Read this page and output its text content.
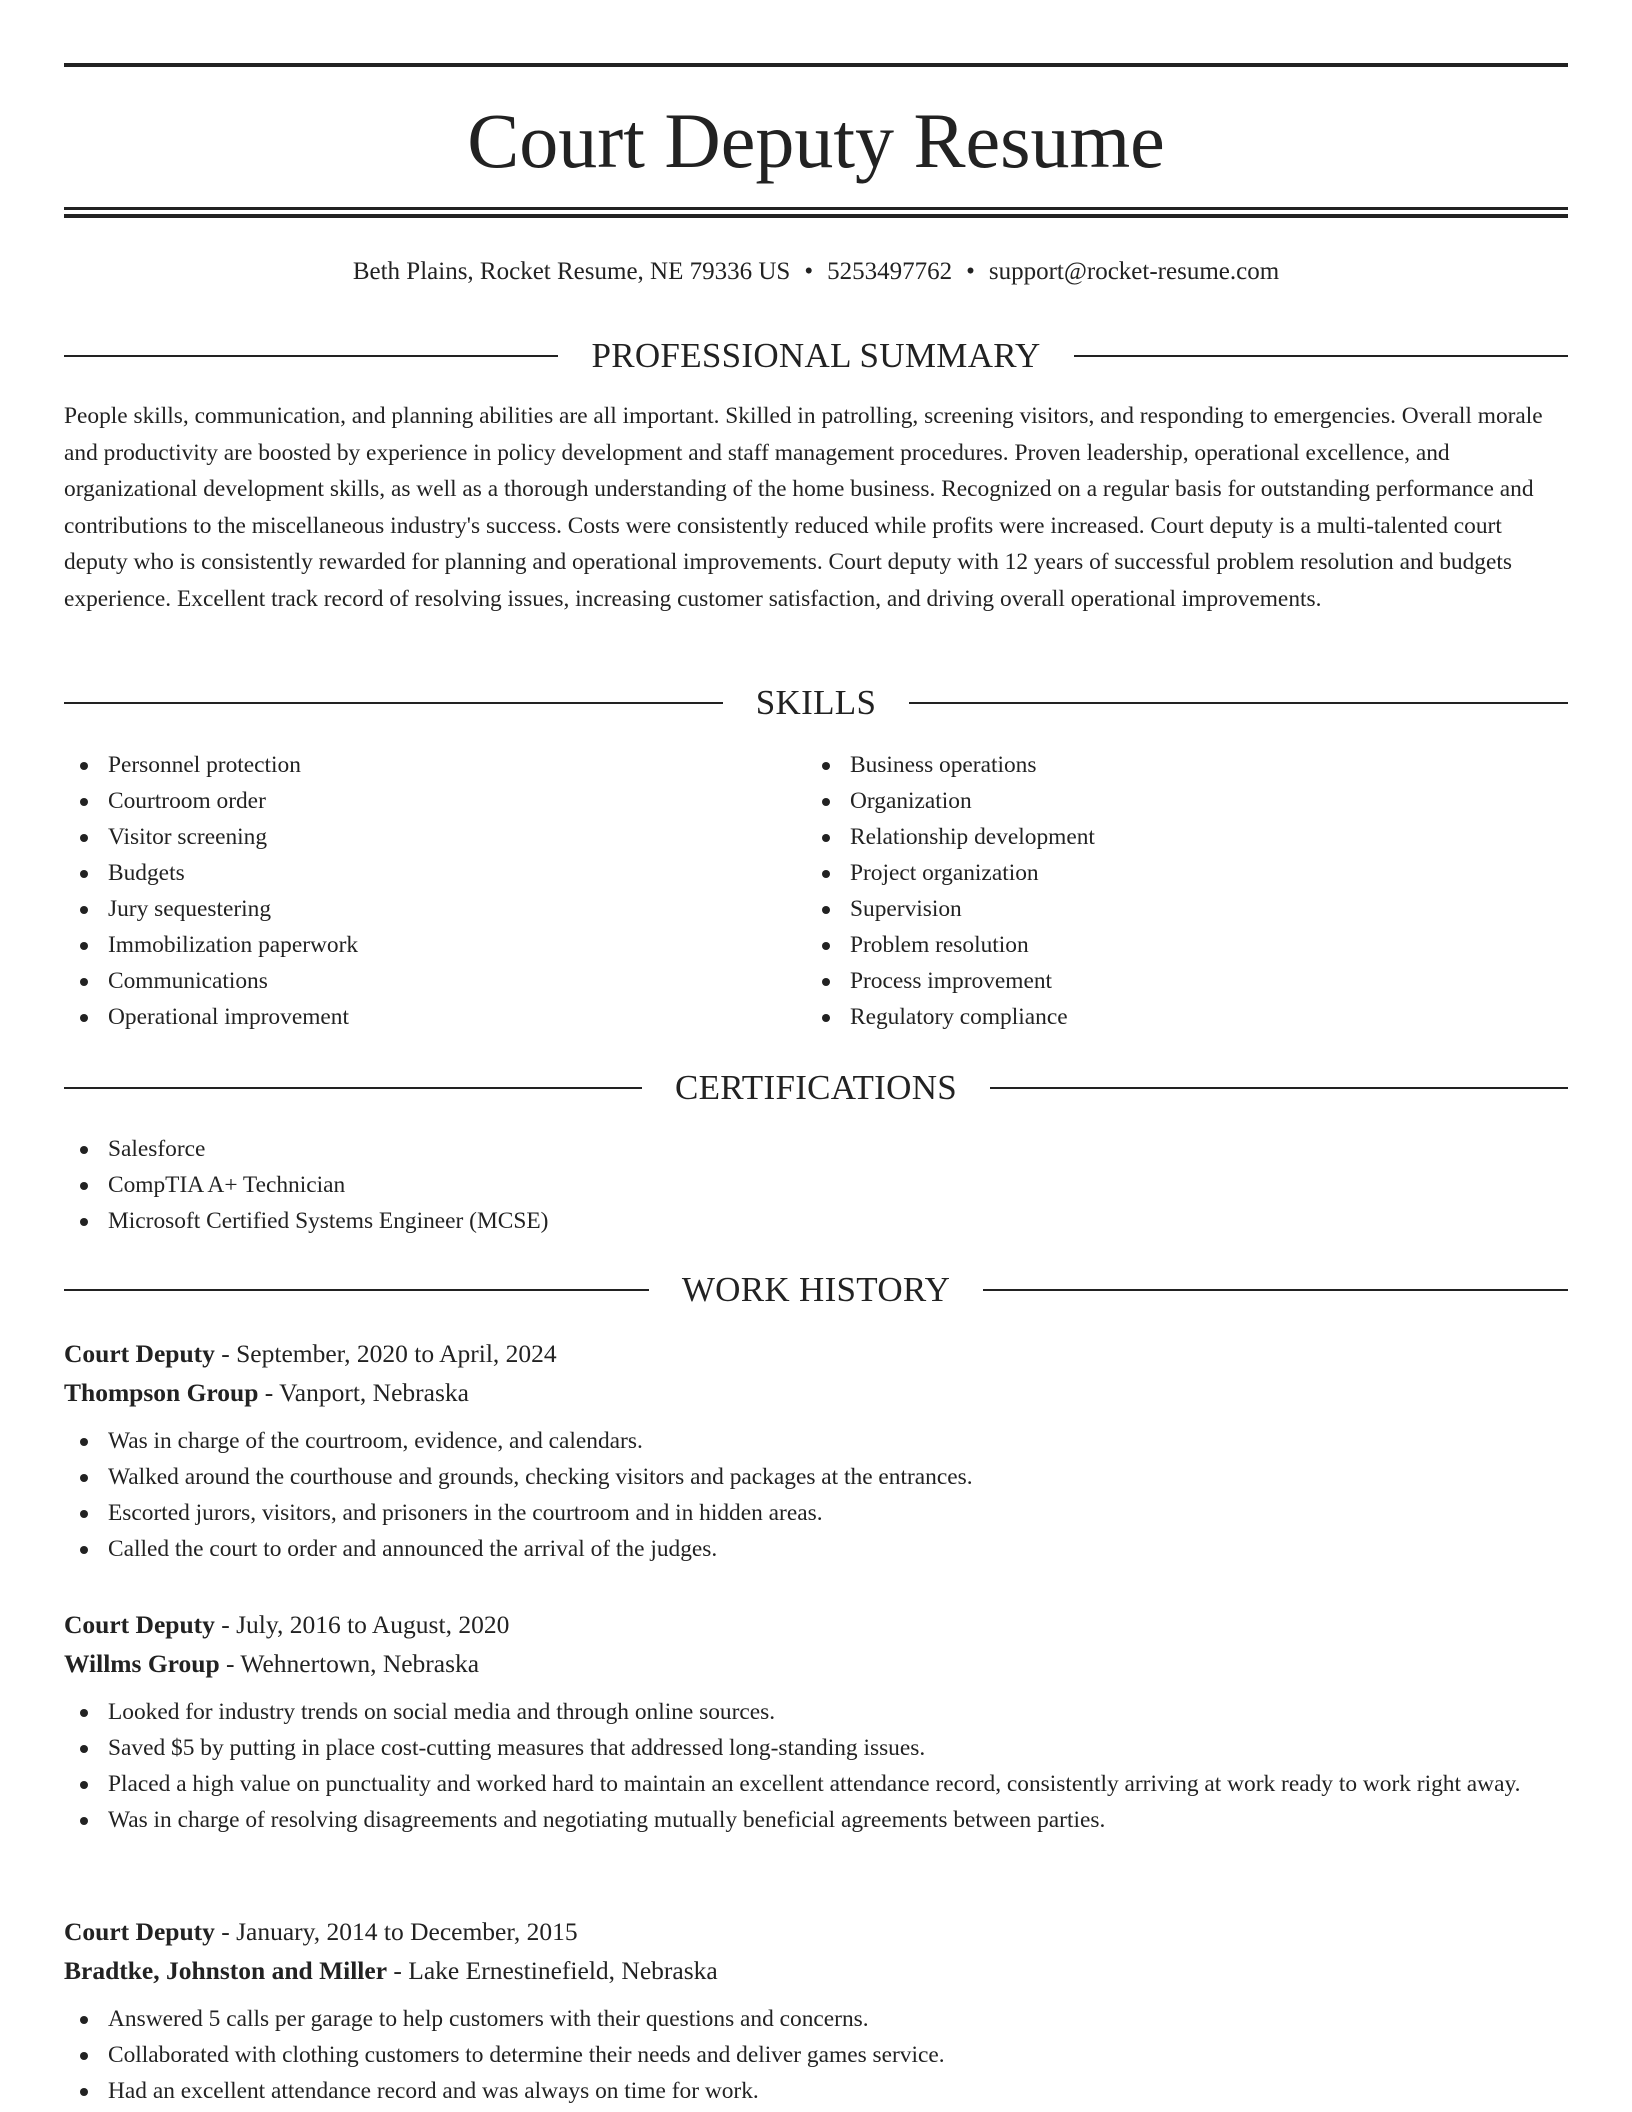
Court Deputy Resume
Beth Plains, Rocket Resume, NE 79336 US • 5253497762 • support@rocket-resume.com
PROFESSIONAL SUMMARY

People skills, communication, and planning abilities are all important. Skilled in patrolling, screening visitors, and responding to emergencies. Overall morale and productivity are boosted by experience in policy development and staff management procedures. Proven leadership, operational excellence, and organizational development skills, as well as a thorough understanding of the home business. Recognized on a regular basis for outstanding performance and contributions to the miscellaneous industry's success. Costs were consistently reduced while profits were increased. Court deputy is a multi-talented court deputy who is consistently rewarded for planning and operational improvements. Court deputy with 12 years of successful problem resolution and budgets experience. Excellent track record of resolving issues, increasing customer satisfaction, and driving overall operational improvements.

SKILLS
Personnel protection
Courtroom order
Visitor screening
Budgets
Jury sequestering
Immobilization paperwork
Communications
Operational improvement
Business operations
Organization
Relationship development
Project organization
Supervision
Problem resolution
Process improvement
Regulatory compliance
CERTIFICATIONS
Salesforce
CompTIA A+ Technician
Microsoft Certified Systems Engineer (MCSE)
WORK HISTORY
Court Deputy - September, 2020 to April, 2024
Thompson Group - Vanport, Nebraska
Was in charge of the courtroom, evidence, and calendars.
Walked around the courthouse and grounds, checking visitors and packages at the entrances.
Escorted jurors, visitors, and prisoners in the courtroom and in hidden areas.
Called the court to order and announced the arrival of the judges.
Court Deputy - July, 2016 to August, 2020
Willms Group - Wehnertown, Nebraska
Looked for industry trends on social media and through online sources.
Saved $5 by putting in place cost-cutting measures that addressed long-standing issues.
Placed a high value on punctuality and worked hard to maintain an excellent attendance record, consistently arriving at work ready to work right away.
Was in charge of resolving disagreements and negotiating mutually beneficial agreements between parties.
Court Deputy - January, 2014 to December, 2015
Bradtke, Johnston and Miller - Lake Ernestinefield, Nebraska
Answered 5 calls per garage to help customers with their questions and concerns.
Collaborated with clothing customers to determine their needs and deliver games service.
Had an excellent attendance record and was always on time for work.
